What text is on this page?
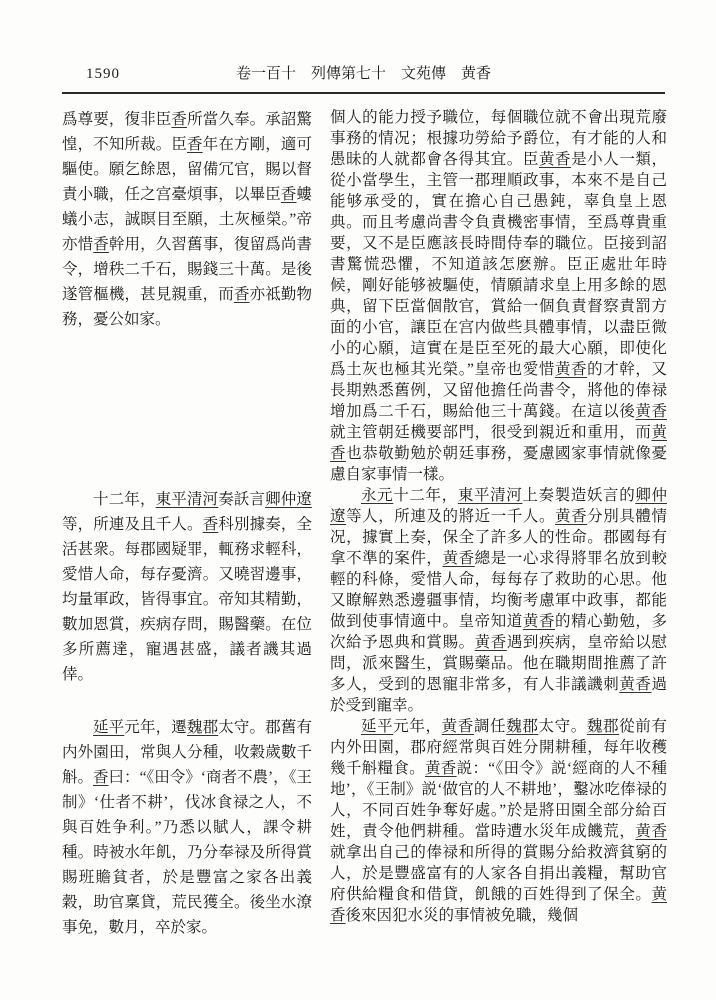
1590	卷一百十　列傳第七十　文苑傳　黄香

爲尊要，復非臣香所當久奉。承詔驚惶，不知所裁。臣香年在方剛，適可驅使。願乞餘恩，留備冗官，賜以督責小職，任之宫臺煩事，以畢臣香螻蟻小志，誠瞑目至願，土灰極榮。”帝亦惜香幹用，久習舊事，復留爲尚書令，增秩二千石，賜錢三十萬。是後遂管樞機，甚見親重，而香亦祗勤物務，憂公如家。

十二年，東平清河奏訞言卿仲遼等，所連及且千人。香科別據奏，全活甚衆。每郡國疑罪，輒務求輕科，愛惜人命，每存憂濟。又曉習邊事，均量軍政，皆得事宜。帝知其精勤，數加恩賞，疾病存問，賜醫藥。在位多所薦達，寵遇甚盛，議者譏其過倖。

延平元年，遷魏郡太守。郡舊有内外園田，常與人分種，收穀歲數千斛。香曰：“《田令》‘商者不農’，《王制》‘仕者不耕’，伐冰食禄之人，不與百姓争利。”乃悉以賦人，課令耕種。時被水年飢，乃分奉禄及所得賞賜班贍貧者，於是豐富之家各出義穀，助官稟貸，荒民獲全。後坐水潦事免，數月，卒於家。

個人的能力授予職位，每個職位就不會出現荒廢事務的情况；根據功勞給予爵位，有才能的人和愚昧的人就都會各得其宜。臣黄香是小人一類，從小當學生，主管一郡理順政事，本來不是自己能够承受的，實在擔心自己愚鈍，辜負皇上恩典。而且考慮尚書令負責機密事情，至爲尊貴重要，又不是臣應該長時間侍奉的職位。臣接到詔書驚慌恐懼，不知道該怎麽辦。臣正處壯年時候，剛好能够被驅使，情願請求皇上用多餘的恩典，留下臣當個散官，賞給一個負責督察責罰方面的小官，讓臣在宫内做些具體事情，以盡臣微小的心願，這實在是臣至死的最大心願，即使化爲土灰也極其光榮。”皇帝也愛惜黄香的才幹，又長期熟悉舊例，又留他擔任尚書令，將他的俸禄增加爲二千石，賜給他三十萬錢。在這以後黄香就主管朝廷機要部門，很受到親近和重用，而黄香也恭敬勤勉於朝廷事務，憂慮國家事情就像憂慮自家事情一樣。

永元十二年，東平清河上奏製造妖言的卿仲遼等人，所連及的將近一千人。黄香分別具體情况，據實上奏，保全了許多人的性命。郡國每有拿不準的案件，黄香總是一心求得將罪名放到較輕的科條，愛惜人命，每每存了救助的心思。他又瞭解熟悉邊疆事情，均衡考慮軍中政事，都能做到使事情適中。皇帝知道黄香的精心勤勉，多次給予恩典和賞賜。黄香遇到疾病，皇帝給以慰問，派來醫生，賞賜藥品。他在職期間推薦了許多人，受到的恩寵非常多，有人非議譏刺黄香過於受到寵幸。

延平元年，黄香調任魏郡太守。魏郡從前有内外田園，郡府經常與百姓分開耕種，每年收穫幾千斛糧食。黄香説：“《田令》説‘經商的人不種地’，《王制》説‘做官的人不耕地’，鑿冰吃俸禄的人，不同百姓争奪好處。”於是將田園全部分給百姓，責令他們耕種。當時遭水災年成饑荒，黄香就拿出自己的俸禄和所得的賞賜分給救濟貧窮的人，於是豐盛富有的人家各自捐出義糧，幫助官府供給糧食和借貸，飢餓的百姓得到了保全。黄香後來因犯水災的事情被免職，幾個
